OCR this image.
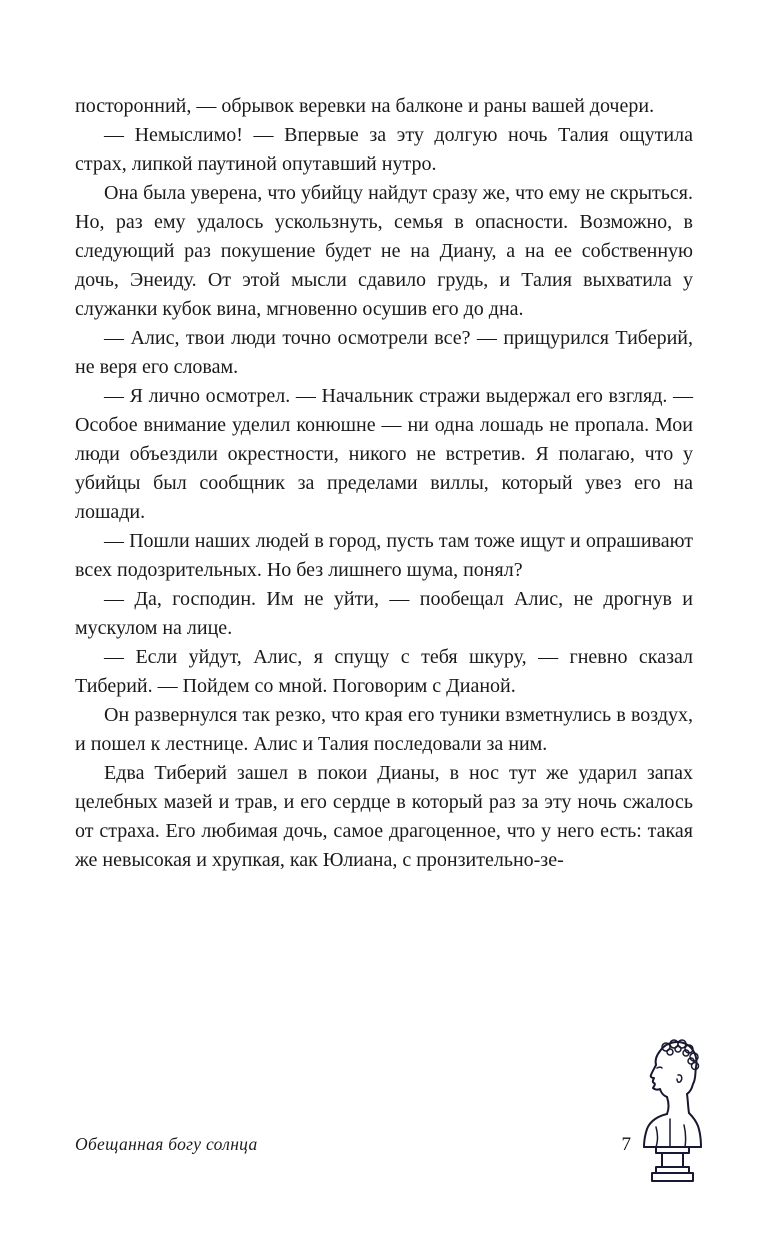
посторонний, — обрывок веревки на балконе и раны вашей дочери.

— Немыслимо! — Впервые за эту долгую ночь Талия ощутила страх, липкой паутиной опутавший нутро.

Она была уверена, что убийцу найдут сразу же, что ему не скрыться. Но, раз ему удалось ускользнуть, семья в опасности. Возможно, в следующий раз покушение будет не на Диану, а на ее собственную дочь, Энеиду. От этой мысли сдавило грудь, и Талия выхватила у служанки кубок вина, мгновенно осушив его до дна.

— Алис, твои люди точно осмотрели все? — прищурился Тиберий, не веря его словам.

— Я лично осмотрел. — Начальник стражи выдержал его взгляд. — Особое внимание уделил конюшне — ни одна лошадь не пропала. Мои люди объездили окрестности, никого не встретив. Я полагаю, что у убийцы был сообщник за пределами виллы, который увез его на лошади.

— Пошли наших людей в город, пусть там тоже ищут и опрашивают всех подозрительных. Но без лишнего шума, понял?

— Да, господин. Им не уйти, — пообещал Алис, не дрогнув и мускулом на лице.

— Если уйдут, Алис, я спущу с тебя шкуру, — гневно сказал Тиберий. — Пойдем со мной. Поговорим с Дианой.

Он развернулся так резко, что края его туники взметнулись в воздух, и пошел к лестнице. Алис и Талия последовали за ним.

Едва Тиберий зашел в покои Дианы, в нос тут же ударил запах целебных мазей и трав, и его сердце в который раз за эту ночь сжалось от страха. Его любимая дочь, самое драгоценное, что у него есть: такая же невысокая и хрупкая, как Юлиана, с пронзительно-зе-

Обещанная богу солнца	7
